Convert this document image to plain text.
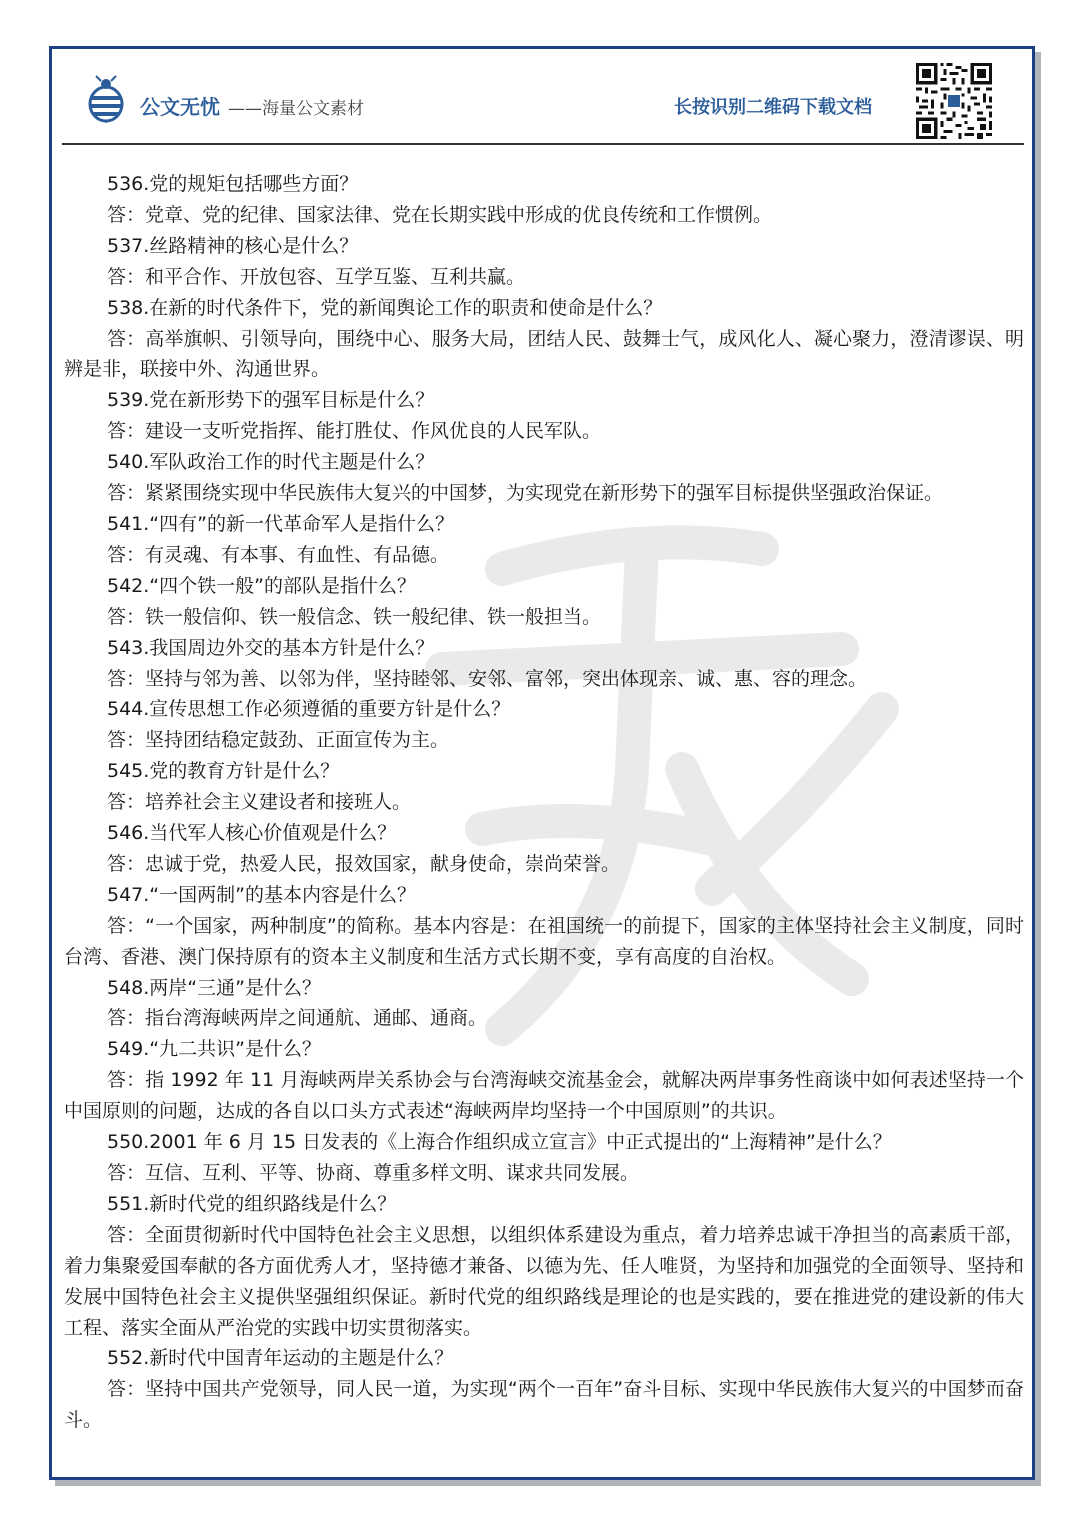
公文无忧 ——海量公文素材	长按识别二维码下载文档

536.党的规矩包括哪些方面？

答：党章、党的纪律、国家法律、党在长期实践中形成的优良传统和工作惯例。

537.丝路精神的核心是什么？

答：和平合作、开放包容、互学互鉴、互利共赢。

538.在新的时代条件下，党的新闻舆论工作的职责和使命是什么？

答：高举旗帜、引领导向，围绕中心、服务大局，团结人民、鼓舞士气，成风化人、凝心聚力，澄清谬误、明辨是非，联接中外、沟通世界。

539.党在新形势下的强军目标是什么？

答：建设一支听党指挥、能打胜仗、作风优良的人民军队。

540.军队政治工作的时代主题是什么？

答：紧紧围绕实现中华民族伟大复兴的中国梦，为实现党在新形势下的强军目标提供坚强政治保证。

541.“四有”的新一代革命军人是指什么？

答：有灵魂、有本事、有血性、有品德。

542.“四个铁一般”的部队是指什么？

答：铁一般信仰、铁一般信念、铁一般纪律、铁一般担当。

543.我国周边外交的基本方针是什么？

答：坚持与邻为善、以邻为伴，坚持睦邻、安邻、富邻，突出体现亲、诚、惠、容的理念。

544.宣传思想工作必须遵循的重要方针是什么？

答：坚持团结稳定鼓劲、正面宣传为主。

545.党的教育方针是什么？

答：培养社会主义建设者和接班人。

546.当代军人核心价值观是什么？

答：忠诚于党，热爱人民，报效国家，献身使命，崇尚荣誉。

547.“一国两制”的基本内容是什么？

答：“一个国家，两种制度”的简称。基本内容是：在祖国统一的前提下，国家的主体坚持社会主义制度，同时台湾、香港、澳门保持原有的资本主义制度和生活方式长期不变，享有高度的自治权。

548.两岸“三通”是什么？

答：指台湾海峡两岸之间通航、通邮、通商。

549.“九二共识”是什么？

答：指 1992 年 11 月海峡两岸关系协会与台湾海峡交流基金会，就解决两岸事务性商谈中如何表述坚持一个中国原则的问题，达成的各自以口头方式表述“海峡两岸均坚持一个中国原则”的共识。

550.2001 年 6 月 15 日发表的《上海合作组织成立宣言》中正式提出的“上海精神”是什么？

答：互信、互利、平等、协商、尊重多样文明、谋求共同发展。

551.新时代党的组织路线是什么？

答：全面贯彻新时代中国特色社会主义思想，以组织体系建设为重点，着力培养忠诚干净担当的高素质干部，着力集聚爱国奉献的各方面优秀人才，坚持德才兼备、以德为先、任人唯贤，为坚持和加强党的全面领导、坚持和发展中国特色社会主义提供坚强组织保证。新时代党的组织路线是理论的也是实践的，要在推进党的建设新的伟大工程、落实全面从严治党的实践中切实贯彻落实。

552.新时代中国青年运动的主题是什么？

答：坚持中国共产党领导，同人民一道，为实现“两个一百年”奋斗目标、实现中华民族伟大复兴的中国梦而奋斗。
